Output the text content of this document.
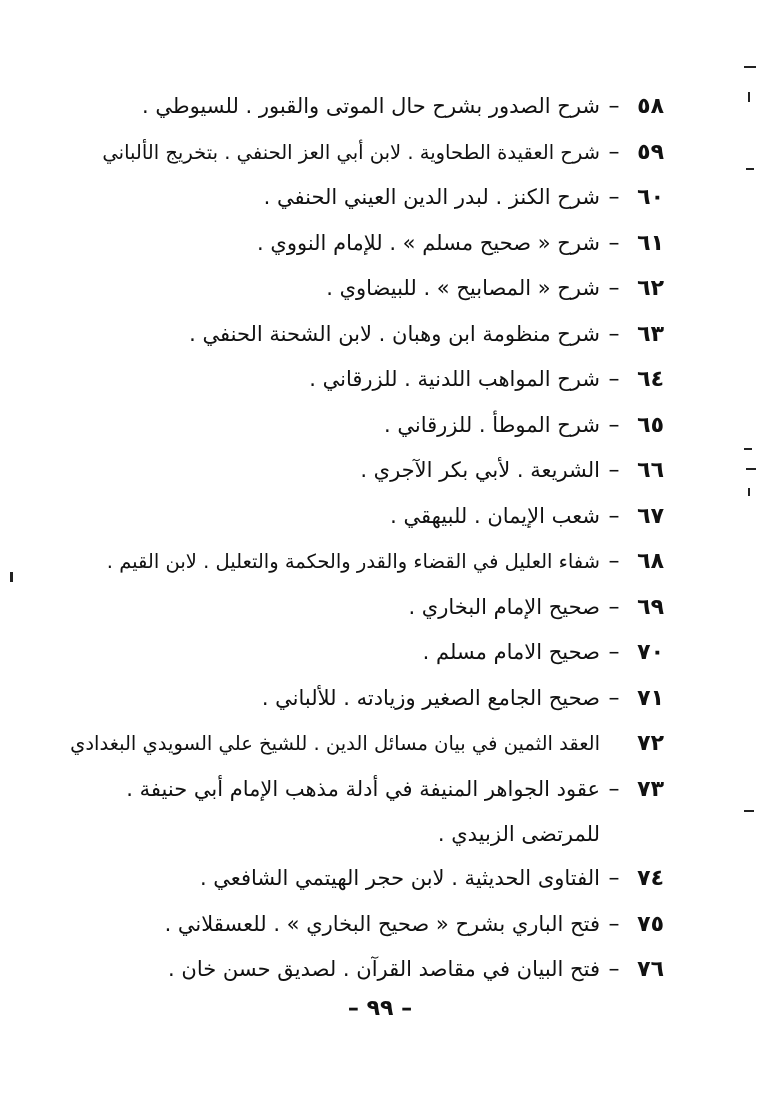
٥٨
–
شرح الصدور بشرح حال الموتى والقبور . للسيوطي .
٥٩
–
شرح العقيدة الطحاوية . لابن أبي العز الحنفي . بتخريج الألباني
٦٠
–
شرح الكنز . لبدر الدين العيني الحنفي .
٦١
–
شرح « صحيح مسلم » . للإمام النووي .
٦٢
–
شرح « المصابيح » . للبيضاوي .
٦٣
–
شرح منظومة ابن وهبان . لابن الشحنة الحنفي .
٦٤
–
شرح المواهب اللدنية . للزرقاني .
٦٥
–
شرح الموطأ . للزرقاني .
٦٦
–
الشريعة . لأبي بكر الآجري .
٦٧
–
شعب الإيمان . للبيهقي .
٦٨
–
شفاء العليل في القضاء والقدر والحكمة والتعليل . لابن القيم .
٦٩
–
صحيح الإمام البخاري .
٧٠
–
صحيح الامام مسلم .
٧١
–
صحيح الجامع الصغير وزيادته . للألباني .
٧٢
العقد الثمين في بيان مسائل الدين . للشيخ علي السويدي البغدادي
٧٣
–
عقود الجواهر المنيفة في أدلة مذهب الإمام أبي حنيفة .
للمرتضى الزبيدي .
٧٤
–
الفتاوى الحديثية . لابن حجر الهيتمي الشافعي .
٧٥
–
فتح الباري بشرح « صحيح البخاري » . للعسقلاني .
٧٦
–
فتح البيان في مقاصد القرآن . لصديق حسن خان .
– ٩٩ –
